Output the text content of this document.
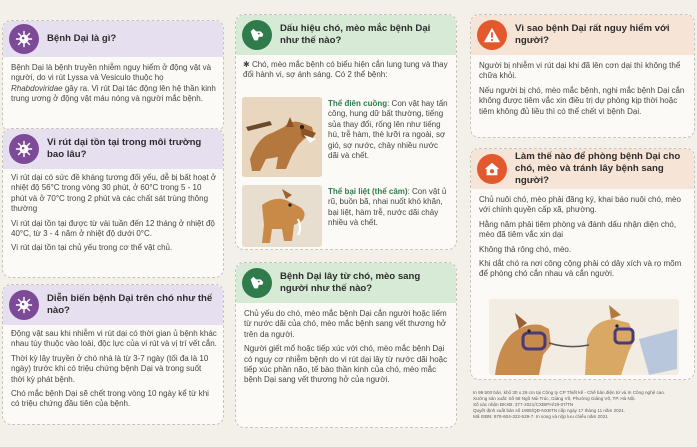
Bệnh Dại là gì?

Bệnh Dại là bệnh truyền nhiễm nguy hiểm ở động vật và người, do vi rút Lyssa và Vesiculo thuộc họ Rhabdoviridae gây ra. Vi rút Dại tác động lên hệ thần kinh trung ương ở động vật máu nóng và người mắc bệnh.

Vi rút dại tồn tại trong môi trường bao lâu?

Vi rút dại có sức đề kháng tương đối yếu, dễ bị bất hoạt ở nhiệt độ 56°C trong vòng 30 phút, ở 60°C trong 5 - 10 phút và ở 70°C trong 2 phút và các chất sát trùng thông thường

Vi rút dại tồn tại được từ vài tuần đến 12 tháng ở nhiệt độ 40°C, từ 3 - 4 năm ở nhiệt độ dưới 0°C.

Vi rút dại tồn tại chủ yếu trong cơ thể vật chủ.

Diễn biến bệnh Dại trên chó như thế nào?

Động vật sau khi nhiễm vi rút dại có thời gian ủ bệnh khác nhau tùy thuộc vào loài, độc lực của vi rút và vị trí vết cắn.

Thời kỳ lây truyền ở chó nhà là từ 3-7 ngày (tối đa là 10 ngày) trước khi có triệu chứng bệnh Dại và trong suốt thời kỳ phát bệnh.

Chó mắc bệnh Dại sẽ chết trong vòng 10 ngày kể từ khi có triệu chứng đầu tiên của bệnh.

Dấu hiệu chó, mèo mắc bệnh Dại như thế nào?

✱ Chó, mèo mắc bệnh có biểu hiện cắn lung tung và thay đổi hành vi, sợ ánh sáng. Có 2 thể bệnh:

Thể điên cuồng: Con vật hay tấn công, hung dữ bất thường, tiếng sủa thay đổi, rống lên như tiếng hú, trễ hàm, thè lưỡi ra ngoài, sợ gió, sợ nước, chảy nhiều nước dãi và chết.

Thể bại liệt (thể câm): Con vật ủ rũ, buồn bã, nhai nuốt khó khăn, bại liệt, hàm trễ, nước dãi chảy nhiều và chết.

Bệnh Dại lây từ chó, mèo sang người như thế nào?

Chủ yếu do chó, mèo mắc bệnh Dại cắn người hoặc liếm từ nước dãi của chó, mèo mắc bệnh sang vết thương hở trên da người.

Người giết mổ hoặc tiếp xúc với chó, mèo mắc bệnh Dại có nguy cơ nhiễm bệnh do vi rút dại lây từ nước dãi hoặc tiếp xúc phần não, tế bào thần kinh của chó, mèo mắc bệnh Dại sang vết thương hở của người.

Vì sao bệnh Dại rất nguy hiểm với người?

Người bị nhiễm vi rút dại khi đã lên cơn dại thì không thể chữa khỏi.

Nếu người bị chó, mèo mắc bệnh, nghi mắc bệnh Dại cắn không được tiêm vắc xin điều trị dự phòng kịp thời hoặc tiêm không đủ liều thì có thể chết vì bệnh Dại.

Làm thế nào để phòng bệnh Dại cho chó, mèo và tránh lây bệnh sang người?

Chủ nuôi chó, mèo phải đăng ký, khai báo nuôi chó, mèo với chính quyền cấp xã, phường.

Hằng năm phải tiêm phòng và đánh dấu nhận diện chó, mèo đã tiêm vắc xin dại

Không thả rông chó, mèo.

Khi dắt chó ra nơi công cộng phải có dây xích và rọ mõm để phòng chó cắn nhau và cắn người.

In 99.500 bản, khổ 30 x 29 cm tại Công ty CP Thiết kế - Chế bản điện tử và In Công nghệ cao.
Xưởng sản xuất: Số 68 Ngõ Núi Trúc, Giảng Võ, Phường Giảng Võ, TP. Hà Nội.
Số xác nhận ĐKXB: 377-2021/CXBIPH/19-07/TN
Quyết định xuất bản số 1905/QĐ-NXBTN cấp ngày 17 tháng 11 năm 2021.
Mã ISBN: 978-604-322-529-7. In xong và nộp lưu chiểu năm 2021
